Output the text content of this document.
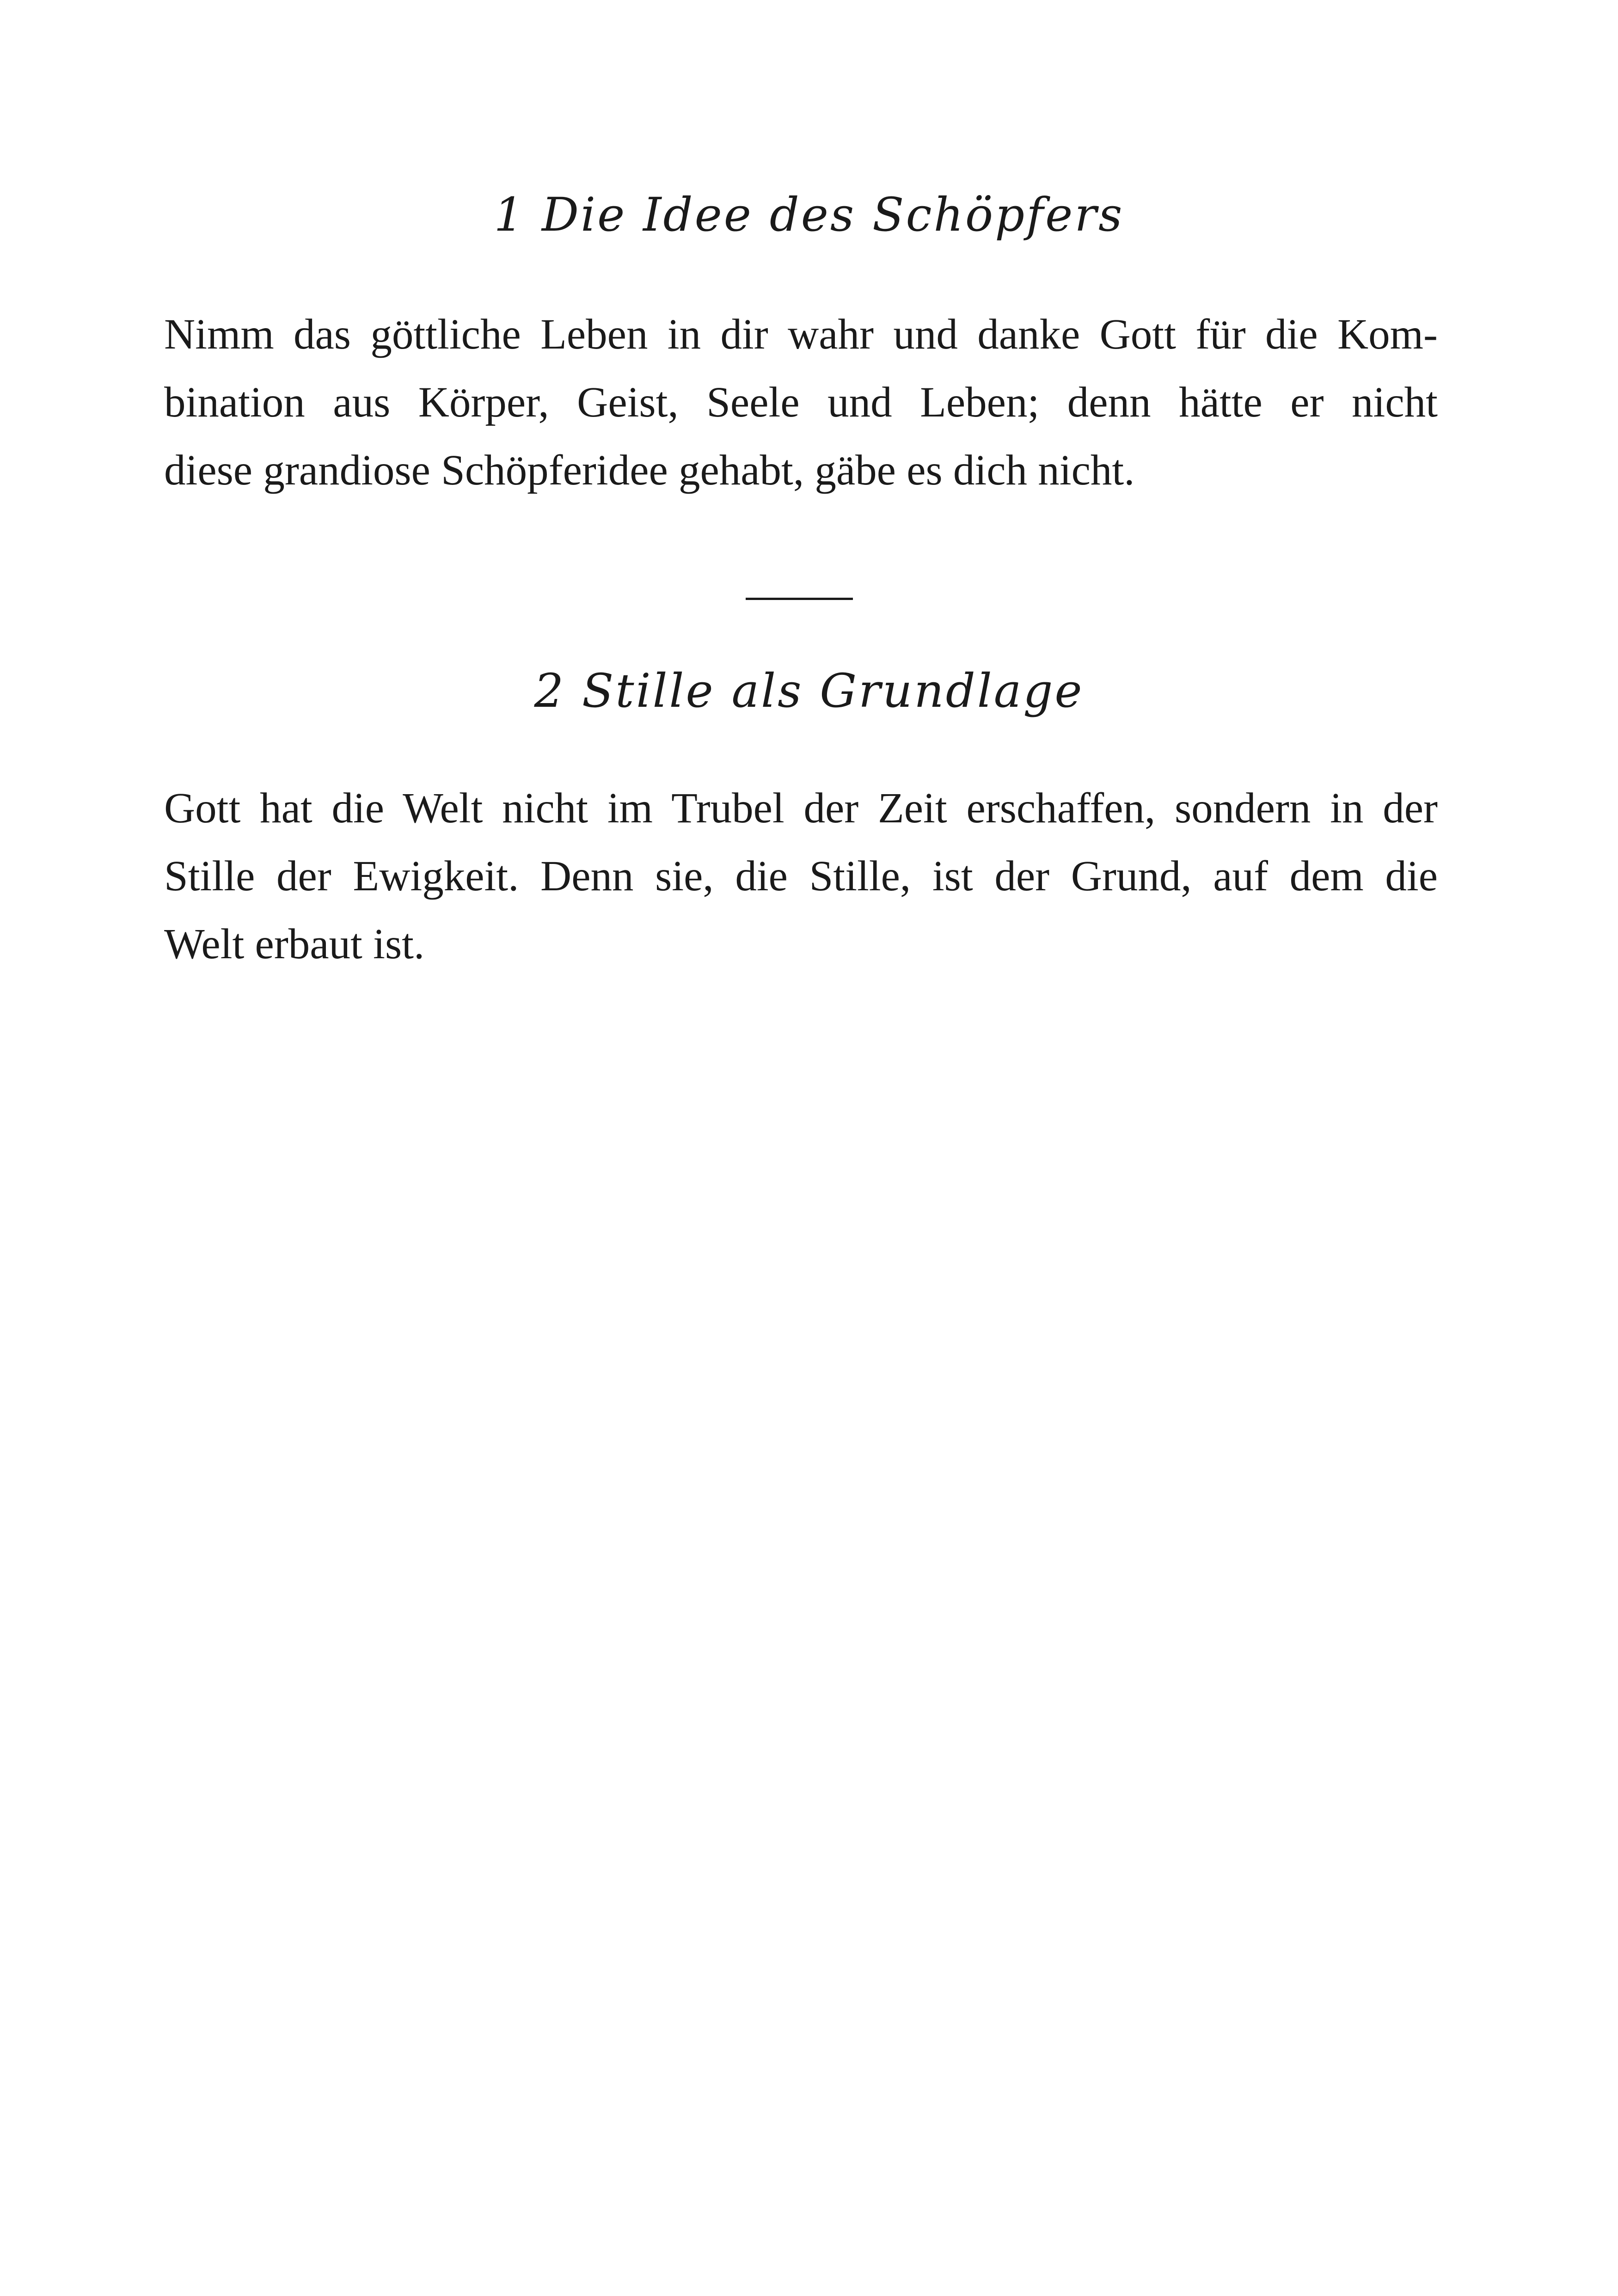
1 Die Idee des Schöpfers

Nimm das göttliche Leben in dir wahr und danke Gott für die Kom-
bination aus Körper, Geist, Seele und Leben; denn hätte er nicht
diese grandiose Schöpferidee gehabt, gäbe es dich nicht.

2 Stille als Grundlage

Gott hat die Welt nicht im Trubel der Zeit erschaffen, sondern in der
Stille der Ewigkeit. Denn sie, die Stille, ist der Grund, auf dem die
Welt erbaut ist.
